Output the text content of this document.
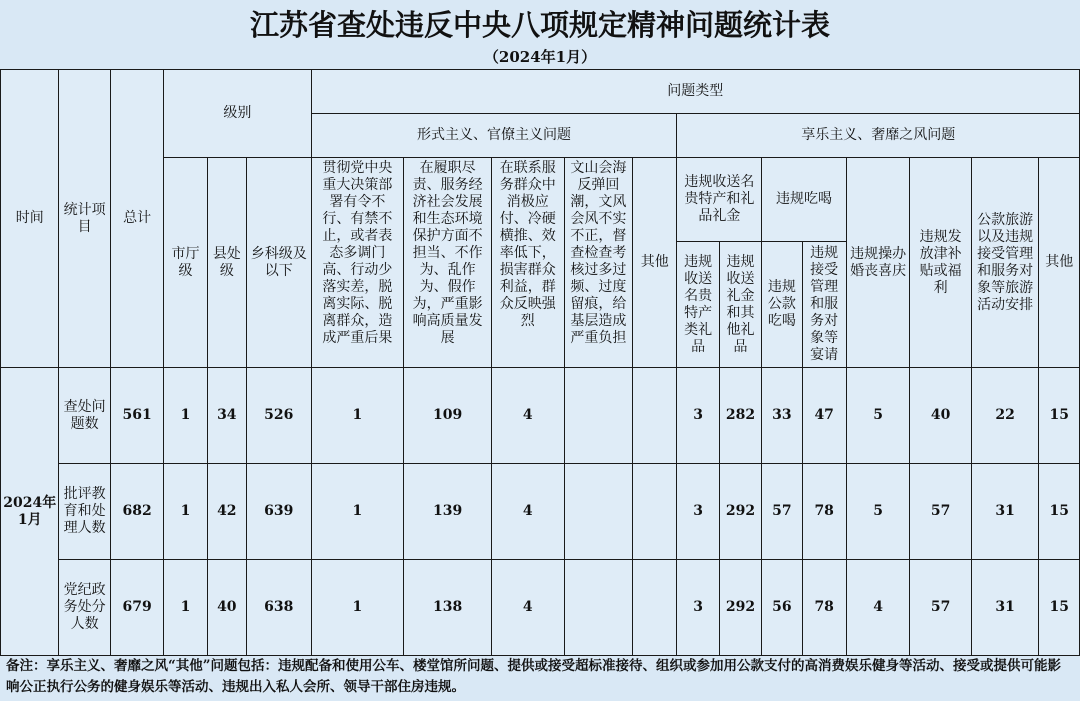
江苏省查处违反中央八项规定精神问题统计表
（2024年1月）
时间	统计项目	总计	级别			问题类型												
						形式主义、官僚主义问题					享乐主义、奢靡之风问题							
			市厅级	县处级	乡科级及以下	贯彻党中央重大决策部署有令不行、有禁不止，或者表态多调门高、行动少落实差，脱离实际、脱离群众，造成严重后果	在履职尽责、服务经济社会发展和生态环境保护方面不担当、不作为、乱作为、假作为，严重影响高质量发展	在联系服务群众中消极应付、冷硬横推、效率低下，损害群众利益，群众反映强烈	文山会海反弹回潮，文风会风不实不正，督查检查考核过多过频、过度留痕，给基层造成严重负担	其他	违规收送名贵特产和礼品礼金		违规吃喝		违规操办婚丧喜庆	违规发放津补贴或福利	公款旅游以及违规接受管理和服务对象等旅游活动安排	其他
											违规收送名贵特产类礼品	违规收送礼金和其他礼品	违规公款吃喝	违规接受管理和服务对象等宴请				
2024年1月	查处问题数	561	1	34	526	1	109	4			3	282	33	47	5	40	22	15
	批评教育和处理人数	682	1	42	639	1	139	4			3	292	57	78	5	57	31	15
	党纪政务处分人数	679	1	40	638	1	138	4			3	292	56	78	4	57	31	15
备注：享乐主义、奢靡之风“其他”问题包括：违规配备和使用公车、楼堂馆所问题、提供或接受超标准接待、组织或参加用公款支付的高消费娱乐健身等活动、接受或提供可能影响公正执行公务的健身娱乐等活动、违规出入私人会所、领导干部住房违规。
